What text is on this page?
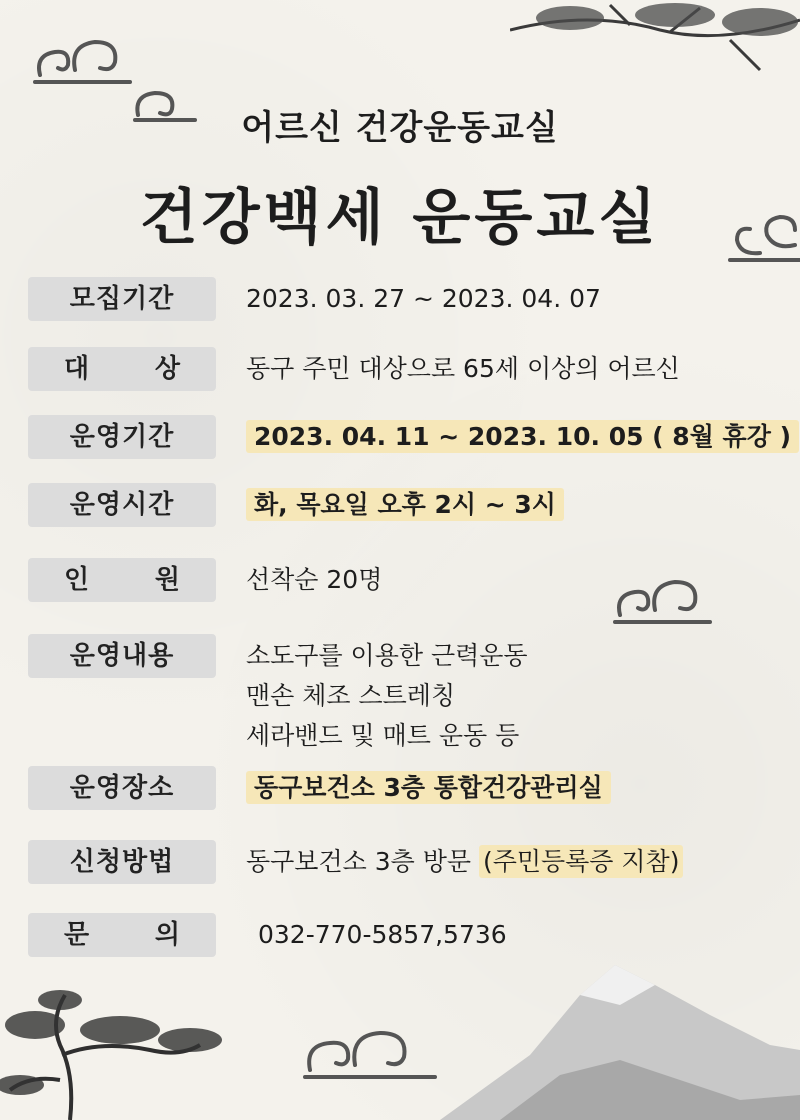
어르신 건강운동교실
건강백세 운동교실
모집기간	2023. 03. 27 ~ 2023. 04. 07
대	상	동구 주민 대상으로 65세 이상의 어르신
운영기간	2023. 04. 11 ~ 2023. 10. 05 ( 8월 휴강 )
운영시간	화, 목요일 오후 2시 ~ 3시
인	원	선착순 20명
운영내용	소도구를 이용한 근력운동
맨손 체조 스트레칭
세라밴드 및 매트 운동 등
운영장소	동구보건소 3층 통합건강관리실
신청방법	동구보건소 3층 방문 (주민등록증 지참)
문	의	032-770-5857,5736
